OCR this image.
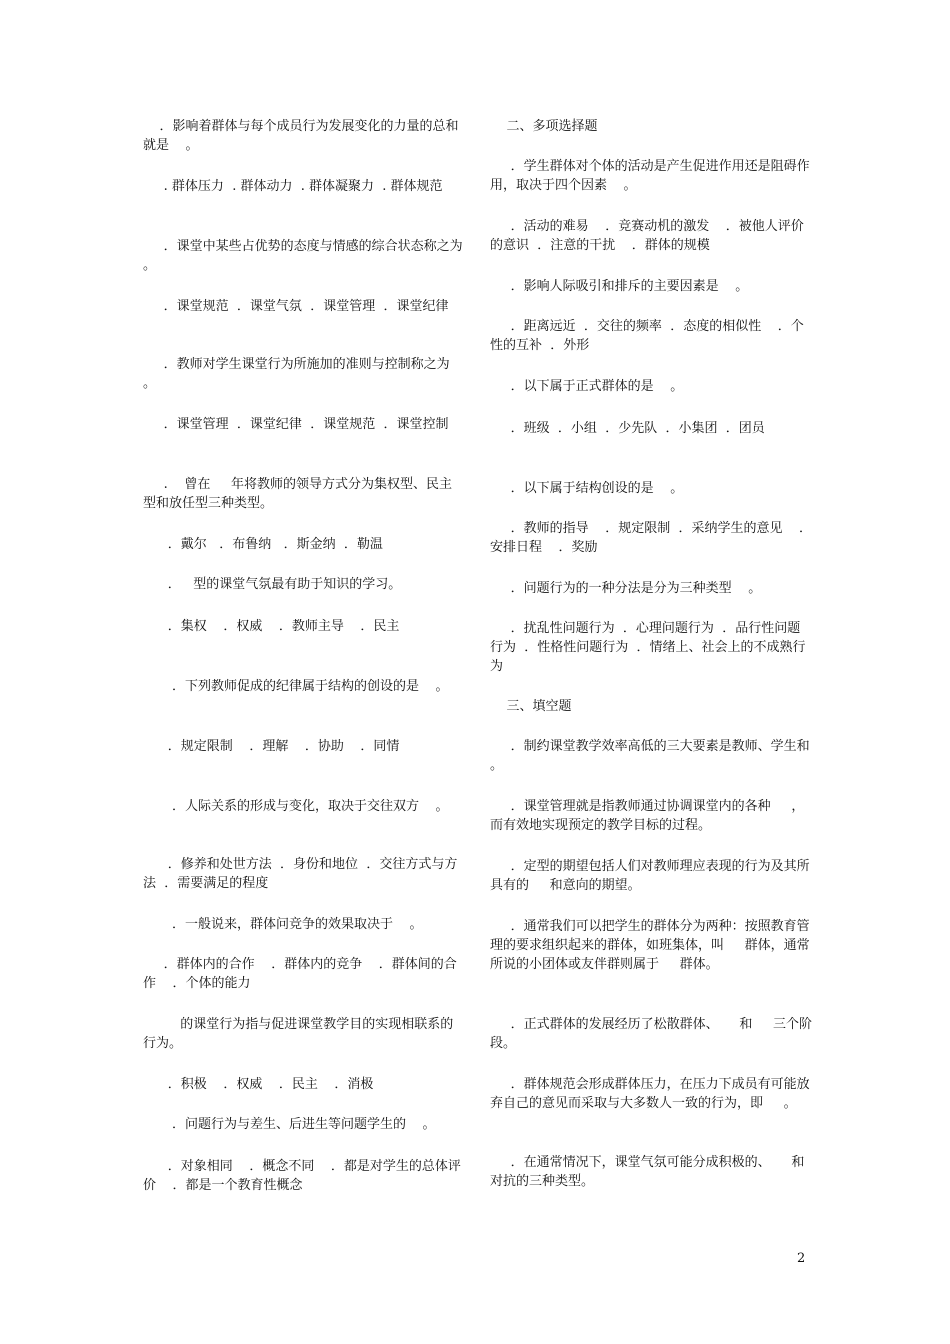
．影响着群体与每个成员行为发展变化的力量的总和就是    。

. 群体压力  . 群体动力  . 群体凝聚力  . 群体规范

．课堂中某些占优势的态度与情感的综合状态称之为    。

．课堂规范  ．课堂气氛  ．课堂管理  ．课堂纪律

．教师对学生课堂行为所施加的准则与控制称之为    。

．课堂管理  ．课堂纪律  ．课堂规范  ．课堂控制

.    曾在     年将教师的领导方式分为集权型、民主型和放任型三种类型。

．戴尔   ．布鲁纳   ．斯金纳  ．勒温

．   型的课堂气氛最有助于知识的学习。

．集权    ．权威    ．教师主导    ．民主

．下列教师促成的纪律属于结构的创设的是    。

．规定限制    ．理解    ．协助    ．同情

．人际关系的形成与变化，取决于交往双方    。

．修养和处世方法  ．身份和地位  ．交往方式与方法  ．需要满足的程度

．一般说来，群体问竞争的效果取决于    。

．群体内的合作    ．群体内的竞争    ．群体间的合作    ．个体的能力

的课堂行为指与促进课堂教学目的实现相联系的行为。

．积极    ．权威    ．民主    ．消极

．问题行为与差生、后进生等问题学生的    。

．对象相同    ．概念不同    ．都是对学生的总体评价    ．都是一个教育性概念

二、多项选择题

．学生群体对个体的活动是产生促进作用还是阻碍作用，取决于四个因素    。

．活动的难易    ．竞赛动机的激发    ．被他人评价的意识  ．注意的干扰    ．群体的规模

．影响人际吸引和排斥的主要因素是    。

．距离远近  ．交往的频率  ．态度的相似性    ．个性的互补  ．外形

．以下属于正式群体的是    。

．班级  ．小组  ．少先队  ．小集团  ．团员

．以下属于结构创设的是    。

．教师的指导    ．规定限制  ．采纳学生的意见    ．安排日程    ．奖励

．问题行为的一种分法是分为三种类型    。

．扰乱性问题行为  ．心理问题行为  ．品行性问题行为  ．性格性问题行为  ．情绪上、社会上的不成熟行为

三、填空题

．制约课堂教学效率高低的三大要素是教师、学生和     。

．课堂管理就是指教师通过协调课堂内的各种     ，而有效地实现预定的教学目标的过程。

．定型的期望包括人们对教师理应表现的行为及其所具有的     和意向的期望。

．通常我们可以把学生的群体分为两种：按照教育管理的要求组织起来的群体，如班集体，叫     群体，通常所说的小团体或友伴群则属于     群体。

．正式群体的发展经历了松散群体、     和     三个阶段。

．群体规范会形成群体压力，在压力下成员有可能放弃自己的意见而采取与大多数人一致的行为，即     。

．在通常情况下，课堂气氛可能分成积极的、     和对抗的三种类型。

2
